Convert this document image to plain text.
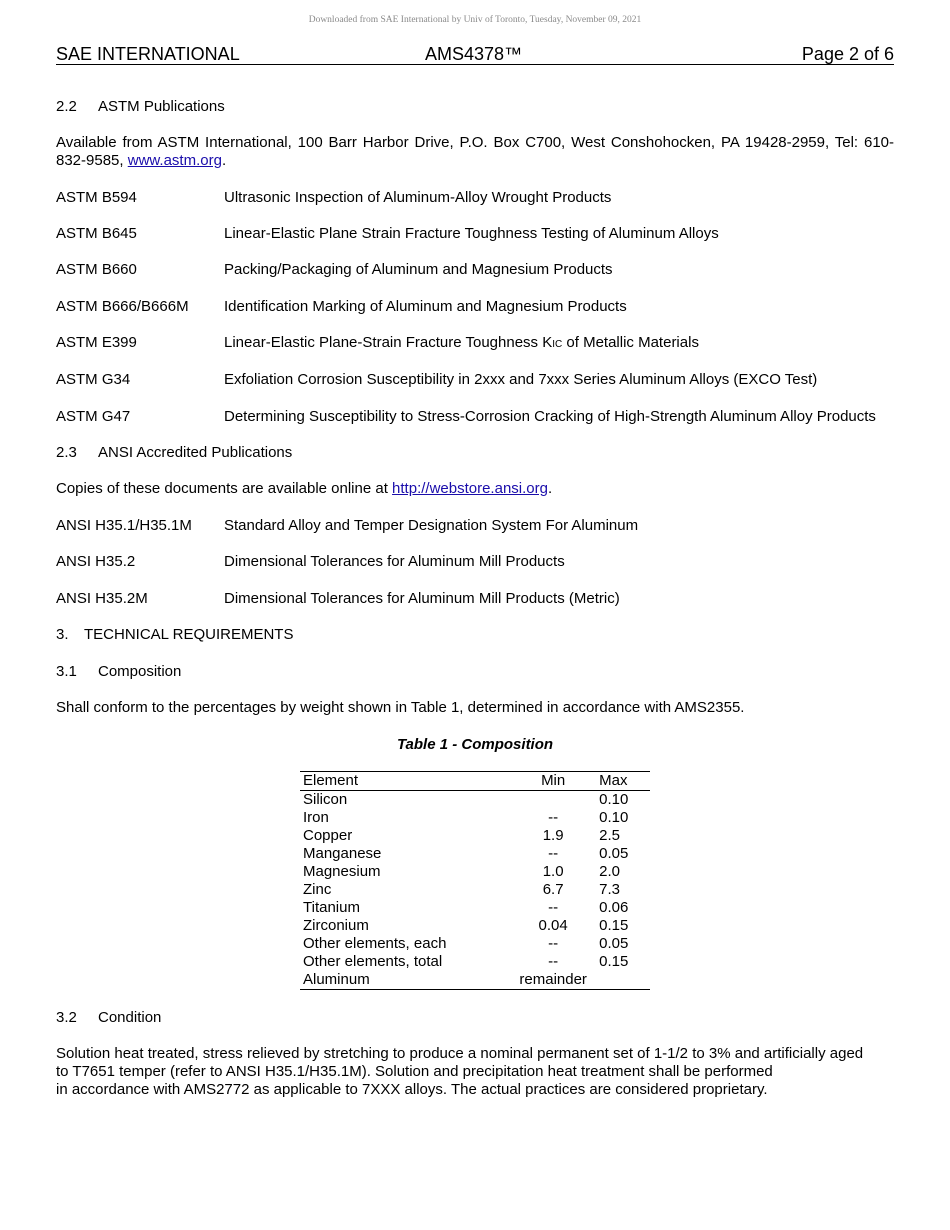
Downloaded from SAE International by Univ of Toronto, Tuesday, November 09, 2021
SAE INTERNATIONAL	AMS4378™	Page 2 of 6
2.2 ASTM Publications
Available from ASTM International, 100 Barr Harbor Drive, P.O. Box C700, West Conshohocken, PA 19428-2959, Tel: 610-832-9585, www.astm.org.
ASTM B594	Ultrasonic Inspection of Aluminum-Alloy Wrought Products
ASTM B645	Linear-Elastic Plane Strain Fracture Toughness Testing of Aluminum Alloys
ASTM B660	Packing/Packaging of Aluminum and Magnesium Products
ASTM B666/B666M Identification Marking of Aluminum and Magnesium Products
ASTM E399	Linear-Elastic Plane-Strain Fracture Toughness KIC of Metallic Materials
ASTM G34	Exfoliation Corrosion Susceptibility in 2xxx and 7xxx Series Aluminum Alloys (EXCO Test)
ASTM G47	Determining Susceptibility to Stress-Corrosion Cracking of High-Strength Aluminum Alloy Products
2.3 ANSI Accredited Publications
Copies of these documents are available online at http://webstore.ansi.org.
ANSI H35.1/H35.1M Standard Alloy and Temper Designation System For Aluminum
ANSI H35.2	Dimensional Tolerances for Aluminum Mill Products
ANSI H35.2M	Dimensional Tolerances for Aluminum Mill Products (Metric)
3. TECHNICAL REQUIREMENTS
3.1 Composition
Shall conform to the percentages by weight shown in Table 1, determined in accordance with AMS2355.
Table 1 - Composition
Element		Min	Max
Silicon			0.10
Iron		--	0.10
Copper		1.9	2.5
Manganese		--	0.05
Magnesium		1.0	2.0
Zinc		6.7	7.3
Titanium		--	0.06
Zirconium		0.04	0.15
Other elements, each		--	0.05
Other elements, total		--	0.15
Aluminum		remainder	
3.2 Condition
Solution heat treated, stress relieved by stretching to produce a nominal permanent set of 1-1/2 to 3% and artificially aged
to T7651 temper (refer to ANSI H35.1/H35.1M). Solution and precipitation heat treatment shall be performed
in accordance with AMS2772 as applicable to 7XXX alloys. The actual practices are considered proprietary.
